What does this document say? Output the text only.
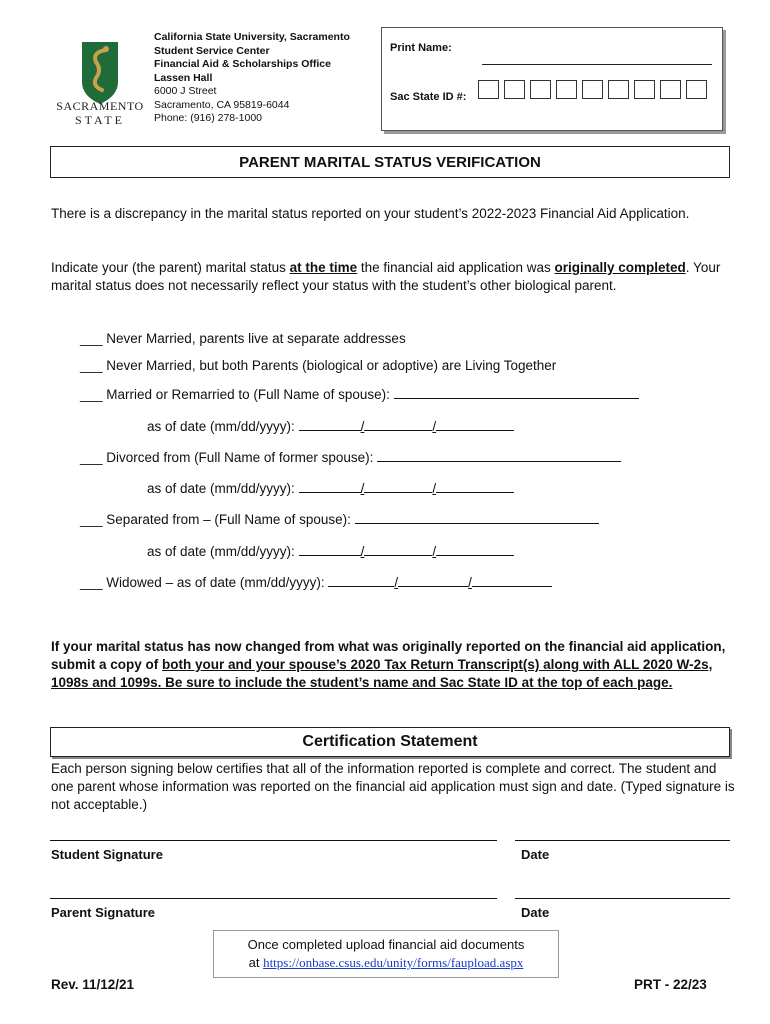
SACRAMENTO
STATE
California State University, Sacramento
Student Service Center
Financial Aid & Scholarships Office
Lassen Hall
6000 J Street
Sacramento, CA 95819-6044
Phone: (916) 278-1000
Print Name:
Sac State ID #:
PARENT MARITAL STATUS VERIFICATION
There is a discrepancy in the marital status reported on your student’s 2022-2023 Financial Aid Application.
Indicate your (the parent) marital status at the time the financial aid application was originally completed. Your marital status does not necessarily reflect your status with the student’s other biological parent.
___ Never Married, parents live at separate addresses
___ Never Married, but both Parents (biological or adoptive) are Living Together
___ Married or Remarried to (Full Name of spouse):
as of date (mm/dd/yyyy):	/	/
___ Divorced from (Full Name of former spouse):
as of date (mm/dd/yyyy):	/	/
___ Separated from – (Full Name of spouse):
as of date (mm/dd/yyyy):	/	/
___ Widowed – as of date (mm/dd/yyyy):	/	/
If your marital status has now changed from what was originally reported on the financial aid application, submit a copy of both your and your spouse’s 2020 Tax Return Transcript(s) along with ALL 2020 W-2s, 1098s and 1099s. Be sure to include the student’s name and Sac State ID at the top of each page.
Certification Statement
Each person signing below certifies that all of the information reported is complete and correct. The student and one parent whose information was reported on the financial aid application must sign and date. (Typed signature is not acceptable.)
Student Signature	Date
Parent Signature	Date
Once completed upload financial aid documents
at https://onbase.csus.edu/unity/forms/faupload.aspx
Rev. 11/12/21	PRT - 22/23
